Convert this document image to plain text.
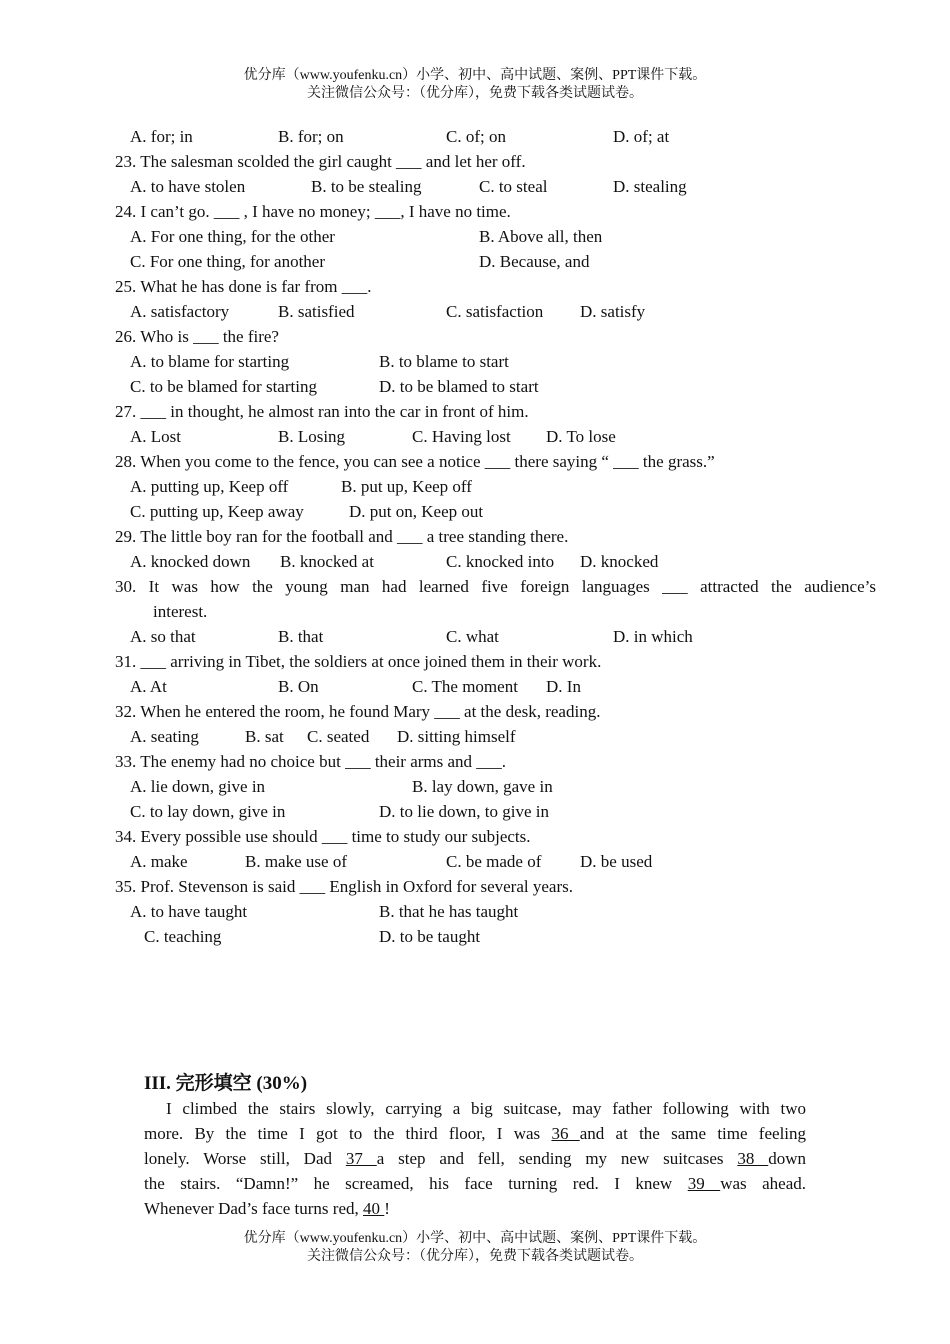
优分库（www.youfenku.cn）小学、初中、高中试题、案例、PPT课件下载。
关注微信公众号：（优分库），免费下载各类试题试卷。
A. for; in	B. for; on	C. of; on	D. of; at
23. The salesman scolded the girl caught ___ and let her off.
A. to have stolen	B. to be stealing	C. to steal	D. stealing
24. I can’t go. ___ , I have no money; ___, I have no time.
A. For one thing, for the other	B. Above all, then
C. For one thing, for another	D. Because, and
25. What he has done is far from ___.
A. satisfactory	B. satisfied	C. satisfaction D. satisfy
26. Who is ___ the fire?
A. to blame for starting	B. to blame to start
C. to be blamed for starting	D. to be blamed to start
27. ___ in thought, he almost ran into the car in front of him.
A. Lost	B. Losing	C. Having lost D. To lose
28. When you come to the fence, you can see a notice ___ there saying “ ___ the grass.”
A. putting up, Keep off	B. put up, Keep off
C. putting up, Keep away	D. put on, Keep out
29. The little boy ran for the football and ___ a tree standing there.
A. knocked down B. knocked at	C. knocked into D. knocked
30. It was how the young man had learned five foreign languages ___ attracted the audience’s
interest.
A. so that	B. that	C. what	D. in which
31. ___ arriving in Tibet, the soldiers at once joined them in their work.
A. At	B. On	C. The moment D. In
32. When he entered the room, he found Mary ___ at the desk, reading.
A. seating	B. sat C. seated D. sitting himself
33. The enemy had no choice but ___ their arms and ___.
A. lie down, give in	B. lay down, gave in
C. to lay down, give in	D. to lie down, to give in
34. Every possible use should ___ time to study our subjects.
A. make	B. make use of	C. be made of D. be used
35. Prof. Stevenson is said ___ English in Oxford for several years.
A. to have taught	B. that he has taught
C. teaching	D. to be taught
III. 完形填空 (30%)
I climbed the stairs slowly, carrying a big suitcase, may father following with two
more. By the time I got to the third floor, I was 36 and at the same time feeling
lonely. Worse still, Dad 37 a step and fell, sending my new suitcases 38 down
the stairs. “Damn!” he screamed, his face turning red. I knew 39 was ahead.
Whenever Dad’s face turns red, 40 !
优分库（www.youfenku.cn）小学、初中、高中试题、案例、PPT课件下载。
关注微信公众号：（优分库），免费下载各类试题试卷。
